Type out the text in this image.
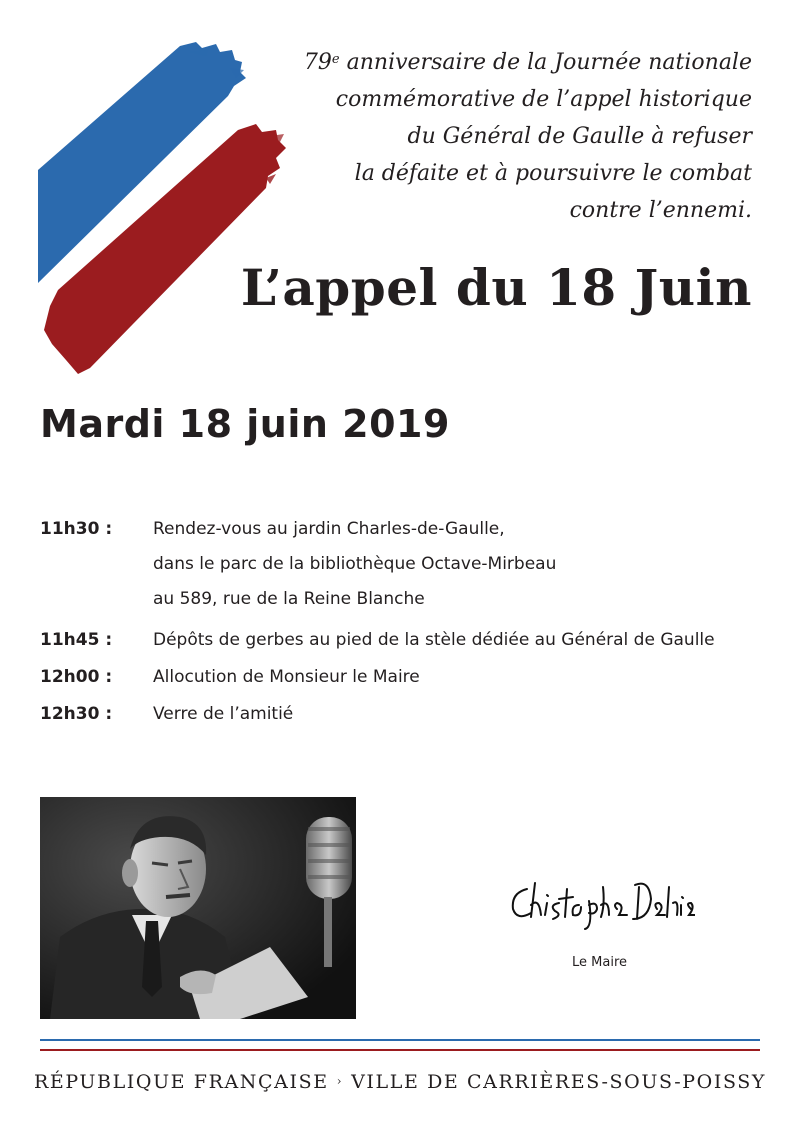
79e anniversaire de la Journée nationale
commémorative de l’appel historique
du Général de Gaulle à refuser
la défaite et à poursuivre le combat
contre l’ennemi.
L’appel du 18 Juin
Mardi 18 juin 2019
11h30 :	Rendez-vous au jardin Charles-de-Gaulle,
dans le parc de la bibliothèque Octave-Mirbeau
au 589, rue de la Reine Blanche
11h45 :	Dépôts de gerbes au pied de la stèle dédiée au Général de Gaulle
12h00 :	Allocution de Monsieur le Maire
12h30 :	Verre de l’amitié
Le Maire
RÉPUBLIQUE FRANÇAISE › VILLE DE CARRIÈRES-SOUS-POISSY
